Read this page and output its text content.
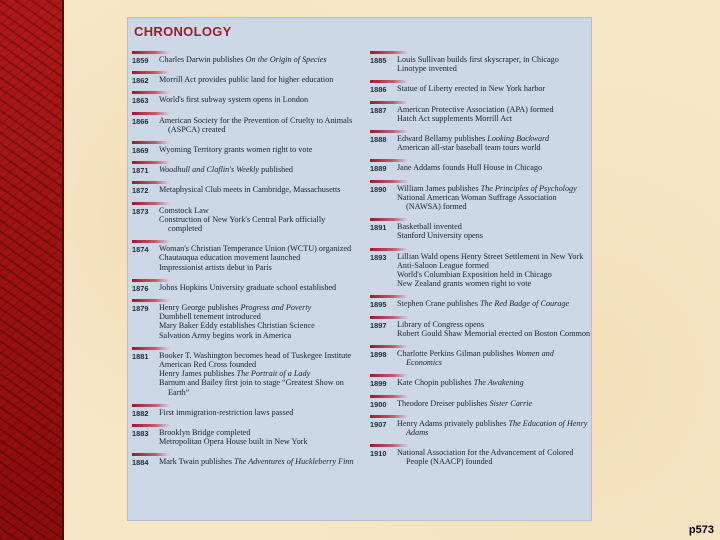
CHRONOLOGY
1859 Charles Darwin publishes On the Origin of Species
1862 Morrill Act provides public land for higher education
1863 World's first subway system opens in London
1866 American Society for the Prevention of Cruelty to Animals (ASPCA) created
1869 Wyoming Territory grants women right to vote
1871 Woodhull and Claflin's Weekly published
1872 Metaphysical Club meets in Cambridge, Massachusetts
1873 Comstock Law
Construction of New York's Central Park officially completed
1874 Woman's Christian Temperance Union (WCTU) organized
Chautauqua education movement launched
Impressionist artists debut in Paris
1876 Johns Hopkins University graduate school established
1879 Henry George publishes Progress and Poverty
Dumbbell tenement introduced
Mary Baker Eddy establishes Christian Science
Salvation Army begins work in America
1881 Booker T. Washington becomes head of Tuskegee Institute
American Red Cross founded
Henry James publishes The Portrait of a Lady
Barnum and Bailey first join to stage “Greatest Show on Earth”
1882 First immigration-restriction laws passed
1883 Brooklyn Bridge completed
Metropolitan Opera House built in New York
1884 Mark Twain publishes The Adventures of Huckleberry Finn
1885 Louis Sullivan builds first skyscraper, in Chicago
Linotype invented
1886 Statue of Liberty erected in New York harbor
1887 American Protective Association (APA) formed
Hatch Act supplements Morrill Act
1888 Edward Bellamy publishes Looking Backward
American all-star baseball team tours world
1889 Jane Addams founds Hull House in Chicago
1890 William James publishes The Principles of Psychology
National American Woman Suffrage Association (NAWSA) formed
1891 Basketball invented
Stanford University opens
1893 Lillian Wald opens Henry Street Settlement in New York
Anti-Saloon League formed
World's Columbian Exposition held in Chicago
New Zealand grants women right to vote
1895 Stephen Crane publishes The Red Badge of Courage
1897 Library of Congress opens
Robert Gould Shaw Memorial erected on Boston Common
1898 Charlotte Perkins Gilman publishes Women and Economics
1899 Kate Chopin publishes The Awakening
1900 Theodore Dreiser publishes Sister Carrie
1907 Henry Adams privately publishes The Education of Henry Adams
1910 National Association for the Advancement of Colored People (NAACP) founded

p573
